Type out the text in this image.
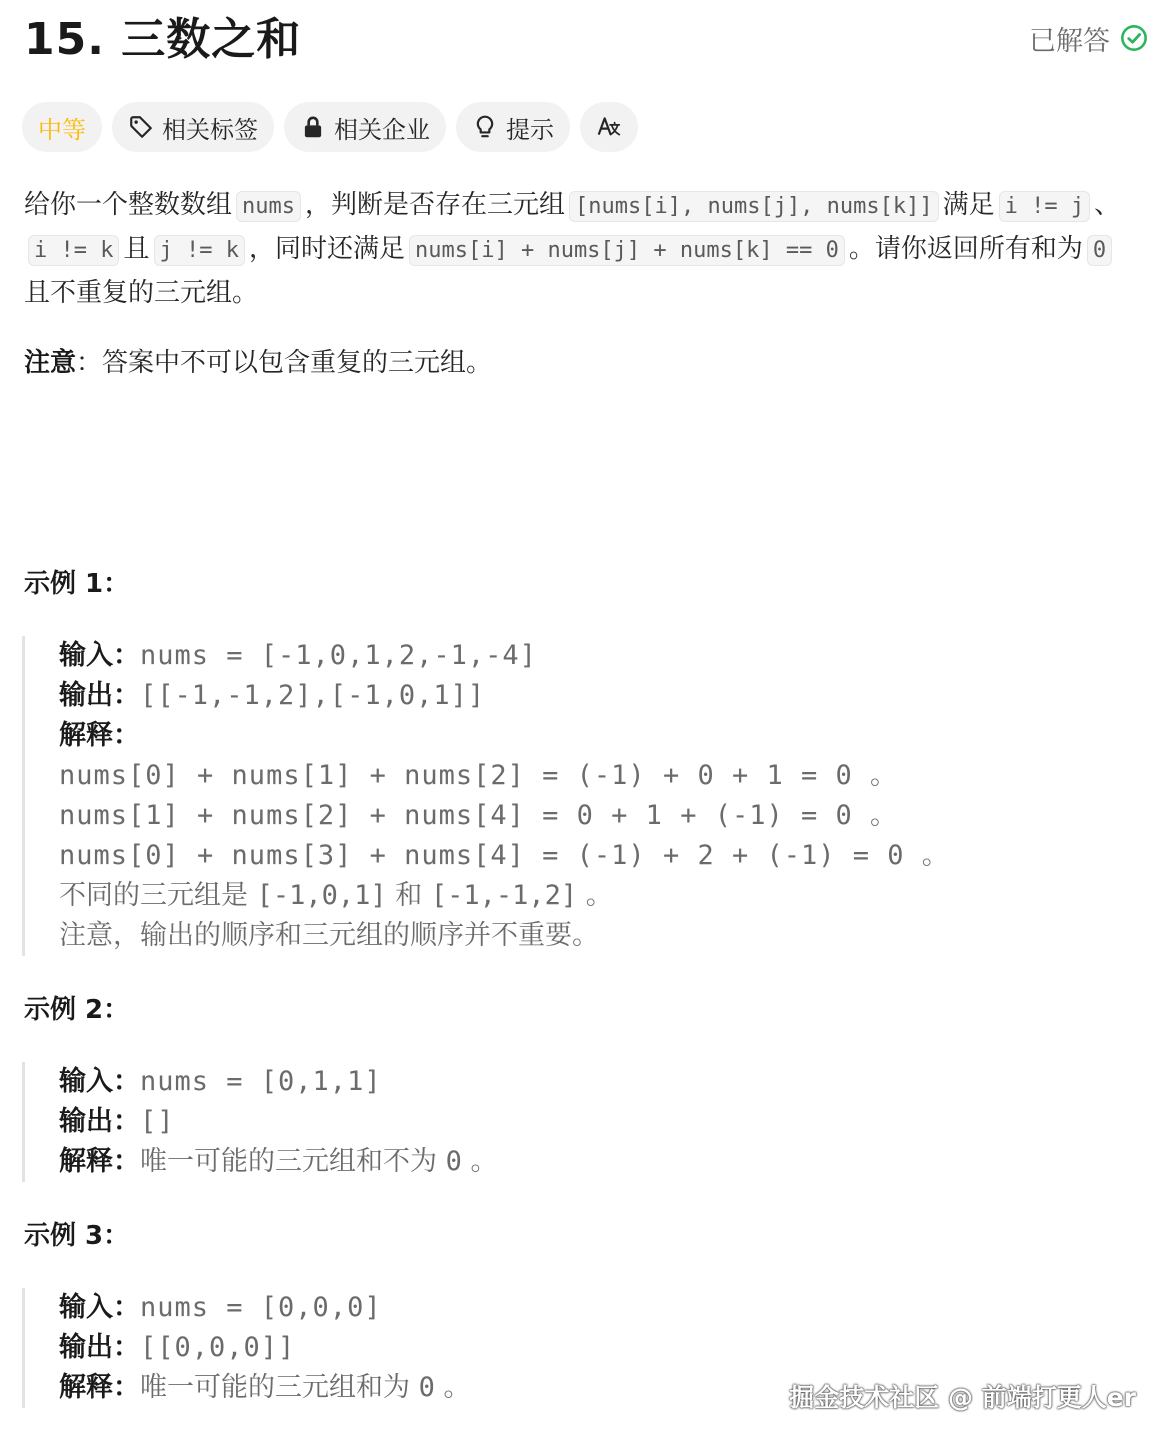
15. 三数之和	已解答
中等	相关标签	相关企业	提示
给你一个整数数组 nums ，判断是否存在三元组 [nums[i], nums[j], nums[k]] 满足 i != j 、i != k 且 j != k ，同时还满足 nums[i] + nums[j] + nums[k] == 0 。请你返回所有和为 0且不重复的三元组。
注意：答案中不可以包含重复的三元组。
示例 1：
输入：nums = [-1,0,1,2,-1,-4]
输出：[[-1,-1,2],[-1,0,1]]
解释：
nums[0] + nums[1] + nums[2] = (-1) + 0 + 1 = 0 。
nums[1] + nums[2] + nums[4] = 0 + 1 + (-1) = 0 。
nums[0] + nums[3] + nums[4] = (-1) + 2 + (-1) = 0 。
不同的三元组是 [-1,0,1] 和 [-1,-1,2] 。
注意，输出的顺序和三元组的顺序并不重要。
示例 2：
输入：nums = [0,1,1]
输出：[]
解释：唯一可能的三元组和不为 0 。
示例 3：
输入：nums = [0,0,0]
输出：[[0,0,0]]
解释：唯一可能的三元组和为 0 。	掘金技术社区 @ 前端打更人er
